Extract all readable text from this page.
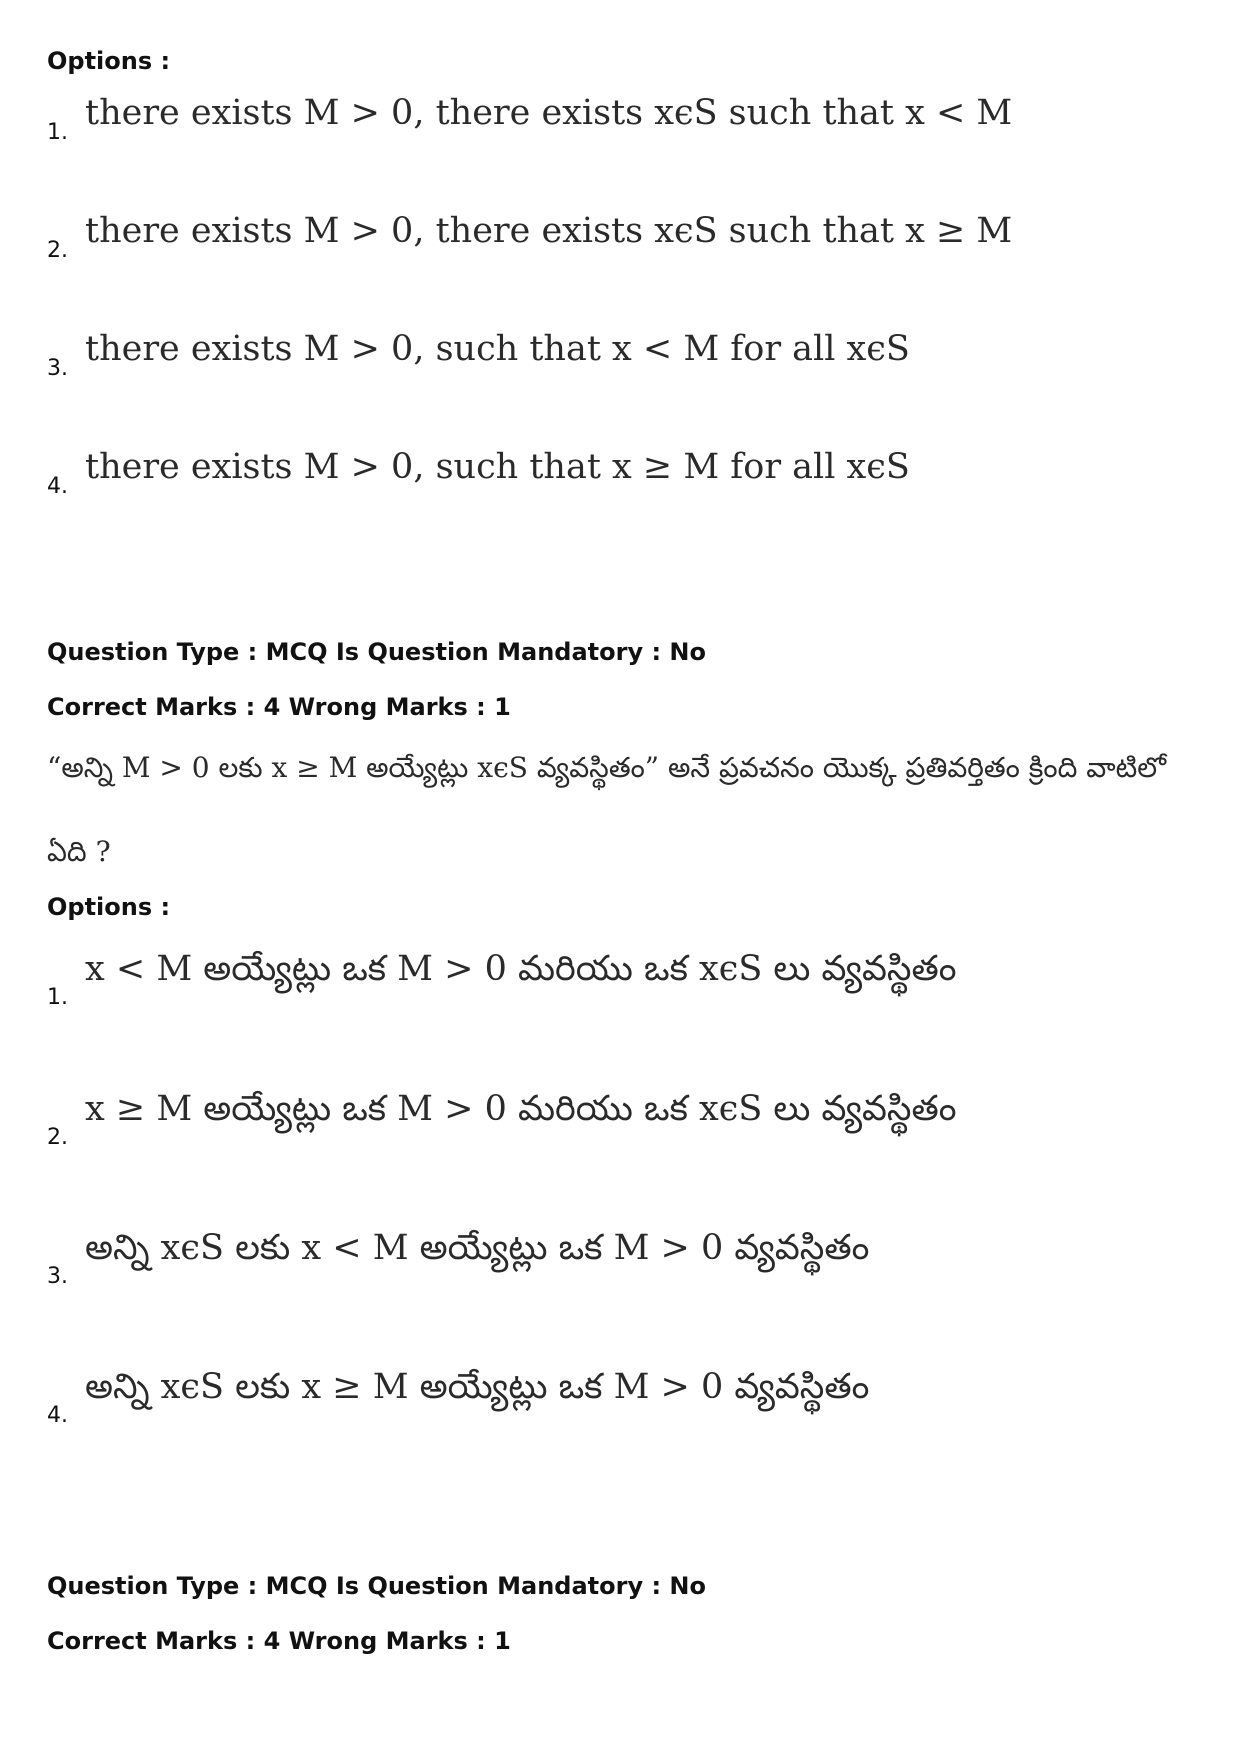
Options :
1. there exists M > 0, there exists xϵS such that x < M
2. there exists M > 0, there exists xϵS such that x ≥ M
3. there exists M > 0, such that x < M for all xϵS
4. there exists M > 0, such that x ≥ M for all xϵS
Question Type : MCQ Is Question Mandatory : No
Correct Marks : 4 Wrong Marks : 1
“అన్ని M > 0 లకు x ≥ M అయ్యేట్లు xϵS వ్యవస్థితం” అనే ప్రవచనం యొక్క ప్రతివర్తితం క్రింది వాటిలో
ఏది ?
Options :
1.
x < M అయ్యేట్లు ఒక M > 0 మరియు ఒక xϵS లు వ్యవస్థితం
2.
x ≥ M అయ్యేట్లు ఒక M > 0 మరియు ఒక xϵS లు వ్యవస్థితం
3.
అన్ని xϵS లకు x < M అయ్యేట్లు ఒక M > 0 వ్యవస్థితం
4.
అన్ని xϵS లకు x ≥ M అయ్యేట్లు ఒక M > 0 వ్యవస్థితం
Question Type : MCQ Is Question Mandatory : No
Correct Marks : 4 Wrong Marks : 1
